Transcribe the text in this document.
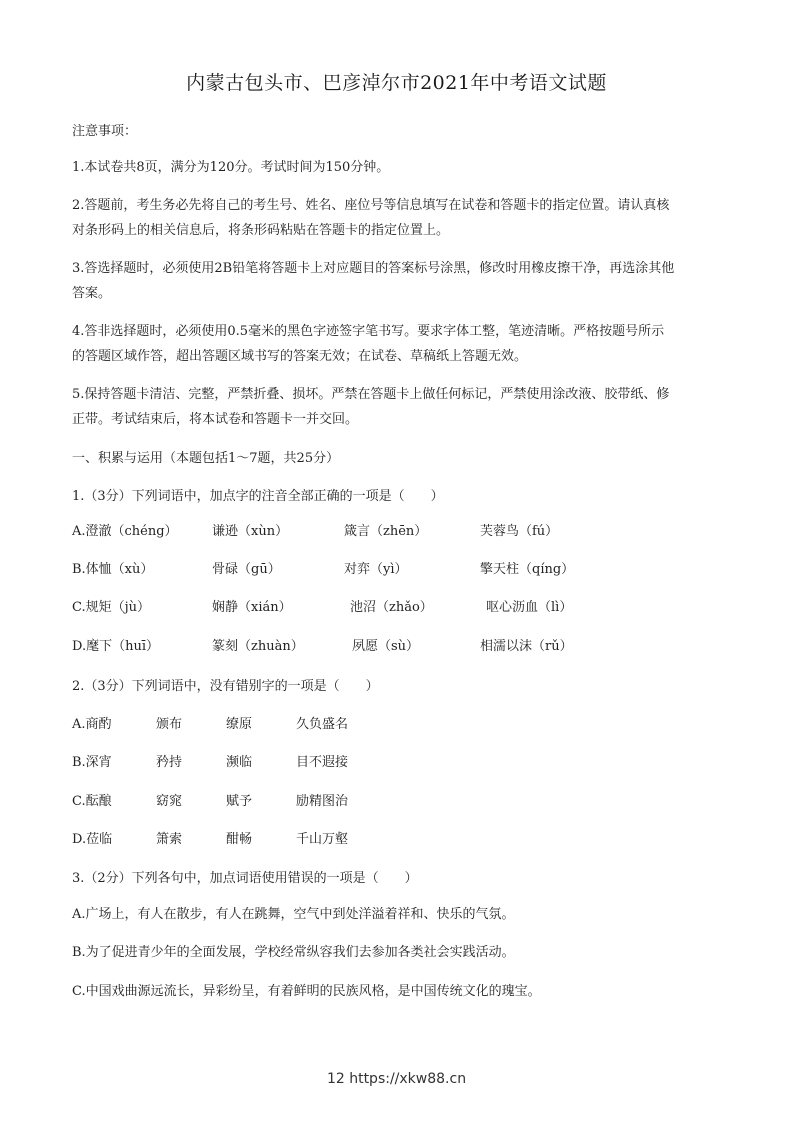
内蒙古包头市、巴彦淖尔市2021年中考语文试题
注意事项：
1.本试卷共8页，满分为120分。考试时间为150分钟。
2.答题前，考生务必先将自己的考生号、姓名、座位号等信息填写在试卷和答题卡的指定位置。请认真核
对条形码上的相关信息后，将条形码粘贴在答题卡的指定位置上。
3.答选择题时，必须使用2B铅笔将答题卡上对应题目的答案标号涂黑，修改时用橡皮擦干净，再选涂其他
答案。
4.答非选择题时，必须使用0.5毫米的黑色字迹签字笔书写。要求字体工整，笔迹清晰。严格按题号所示
的答题区域作答，超出答题区域书写的答案无效；在试卷、草稿纸上答题无效。
5.保持答题卡清洁、完整，严禁折叠、损坏。严禁在答题卡上做任何标记，严禁使用涂改液、胶带纸、修
正带。考试结束后，将本试卷和答题卡一并交回。
一、积累与运用（本题包括1～7题，共25分）
1.（3分）下列词语中，加点字的注音全部正确的一项是（　　）
A.澄澈（chéng）	谦逊（xùn）	箴言（zhēn）	芙蓉鸟（fú）
B.体恤（xù）	骨碌（gū）	对弈（yì）	擎天柱（qíng）
C.规矩（jù）	娴静（xián）	池沼（zhǎo）	呕心沥血（lì）
D.麾下（huī）	篆刻（zhuàn）	夙愿（sù）	相濡以沫（rǔ）
2.（3分）下列词语中，没有错别字的一项是（　　）
A.商酌	颁布	缭原	久负盛名
B.深宵	矜持	濒临	目不遐接
C.酝酿	窈窕	赋予	励精图治
D.莅临	箫索	酣畅	千山万壑
3.（2分）下列各句中，加点词语使用错误的一项是（　　）
A.广场上，有人在散步，有人在跳舞，空气中到处洋溢着祥和、快乐的气氛。
B.为了促进青少年的全面发展，学校经常纵容我们去参加各类社会实践活动。
C.中国戏曲源远流长，异彩纷呈，有着鲜明的民族风格，是中国传统文化的瑰宝。
12 https://xkw88.cn
